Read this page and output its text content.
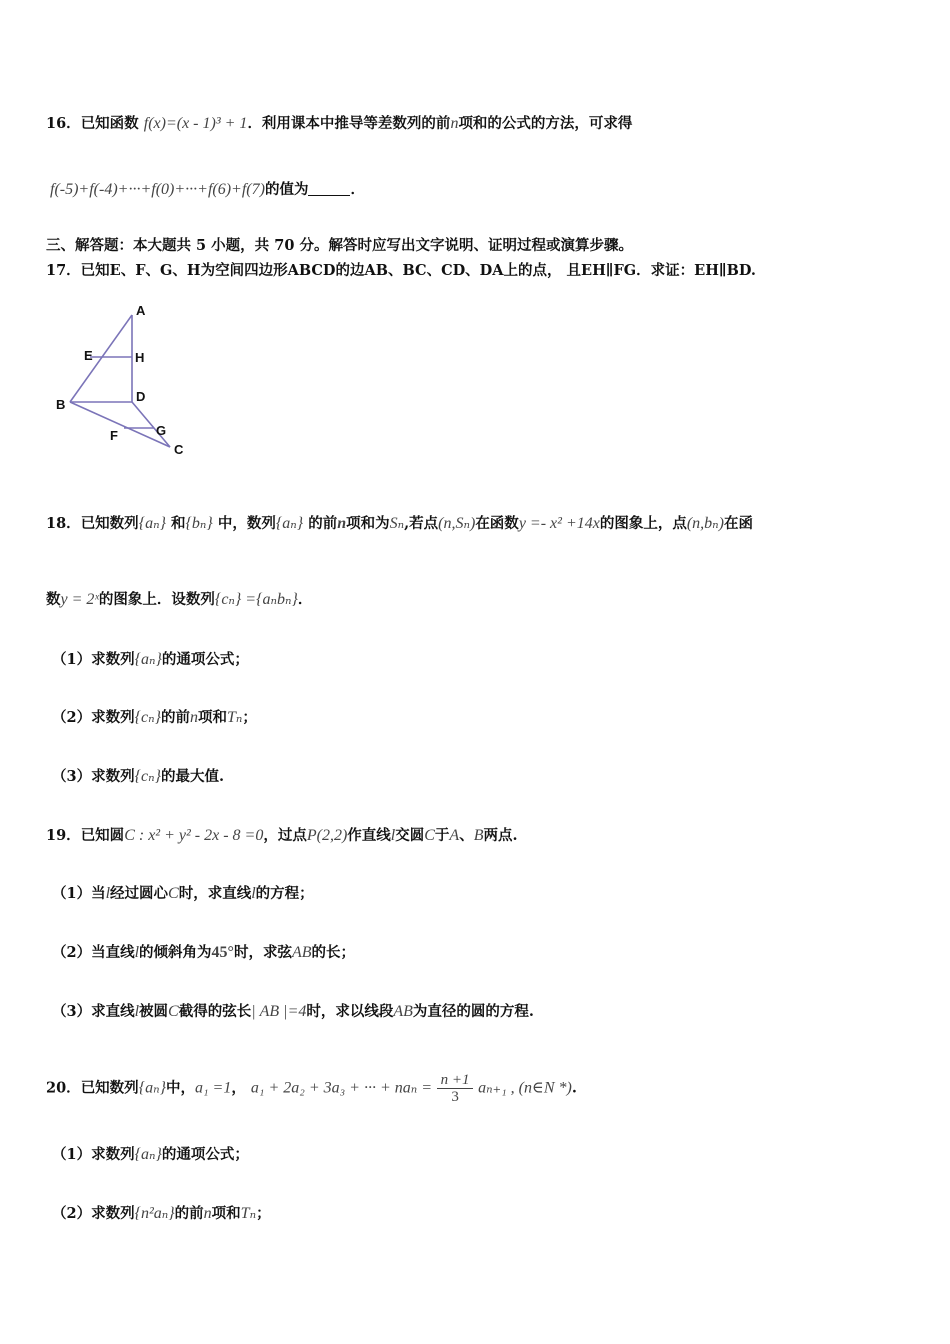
16．已知函数 f(x)=(x - 1)³ + 1．利用课本中推导等差数列的前n项和的公式的方法，可求得
f(-5)+f(-4)+···+f(0)+···+f(6)+f(7)的值为	．
三、解答题：本大题共 5 小题，共 70 分。解答时应写出文字说明、证明过程或演算步骤。
17．已知E、F、G、H为空间四边形ABCD的边AB、BC、CD、DA上的点， 且EH∥FG．求证：EH∥BD.
A
E	H
B
D
F	G
C
18．已知数列{aₙ} 和{bₙ} 中，数列{aₙ} 的前n项和为Sₙ,若点(n,Sₙ)在函数y =- x² +14x的图象上，点(n,bₙ)在函
数y = 2ˣ的图象上．设数列{cₙ} ={aₙbₙ}．
（1）求数列{aₙ}的通项公式；
（2）求数列{cₙ}的前n项和Tₙ；
（3）求数列{cₙ}的最大值.
19．已知圆C : x² + y² - 2x - 8 =0，过点P(2,2)作直线l交圆C于A、B两点.
（1）当l经过圆心C时，求直线l的方程；
（2）当直线l的倾斜角为45°时，求弦AB的长；
（3）求直线l被圆C截得的弦长| AB |=4时，求以线段AB为直径的圆的方程.
20．已知数列{aₙ}中，a₁ =1， a₁ + 2a₂ + 3a₃ + ··· + $na_n = \frac{n +1}{3} a_{n+1}$ , (n∈N *).
（1）求数列{aₙ}的通项公式；
（2）求数列{n²aₙ}的前n项和Tₙ；
